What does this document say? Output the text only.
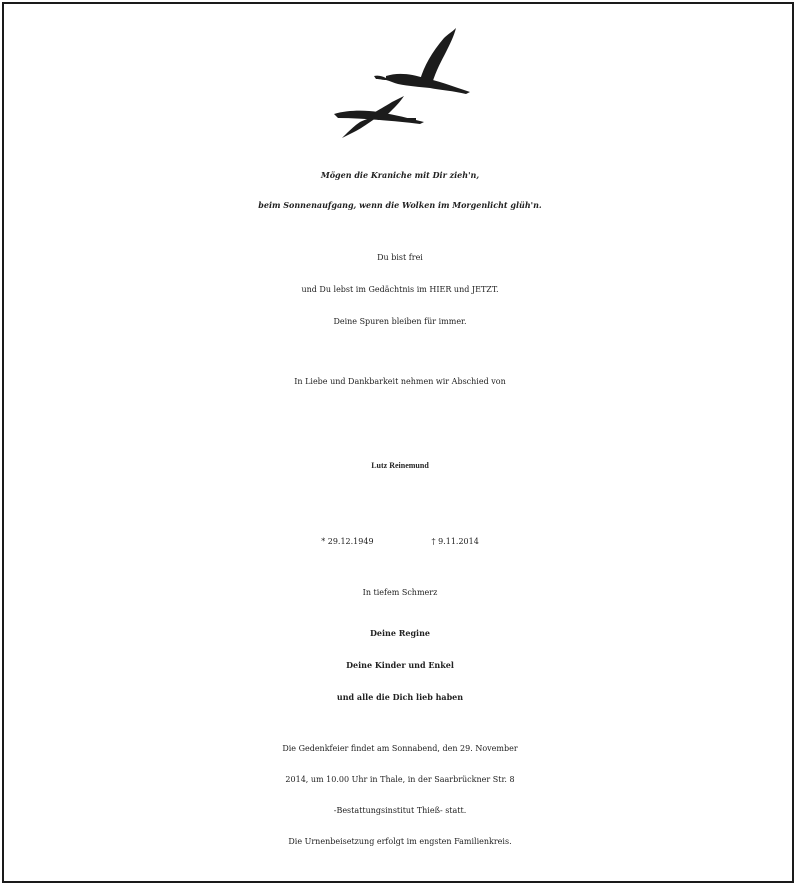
Mögen die Kraniche mit Dir zieh'n,
beim Sonnenaufgang, wenn die Wolken im Morgenlicht glüh'n.
Du bist frei
und Du lebst im Gedächtnis im HIER und JETZT.
Deine Spuren bleiben für immer.
In Liebe und Dankbarkeit nehmen wir Abschied von
Lutz Reinemund
* 29.12.1949	† 9.11.2014
In tiefem Schmerz
Deine Regine
Deine Kinder und Enkel
und alle die Dich lieb haben
Die Gedenkfeier findet am Sonnabend, den 29. November
2014, um 10.00 Uhr in Thale, in der Saarbrückner Str. 8
-Bestattungsinstitut Thieß- statt.
Die Urnenbeisetzung erfolgt im engsten Familienkreis.
